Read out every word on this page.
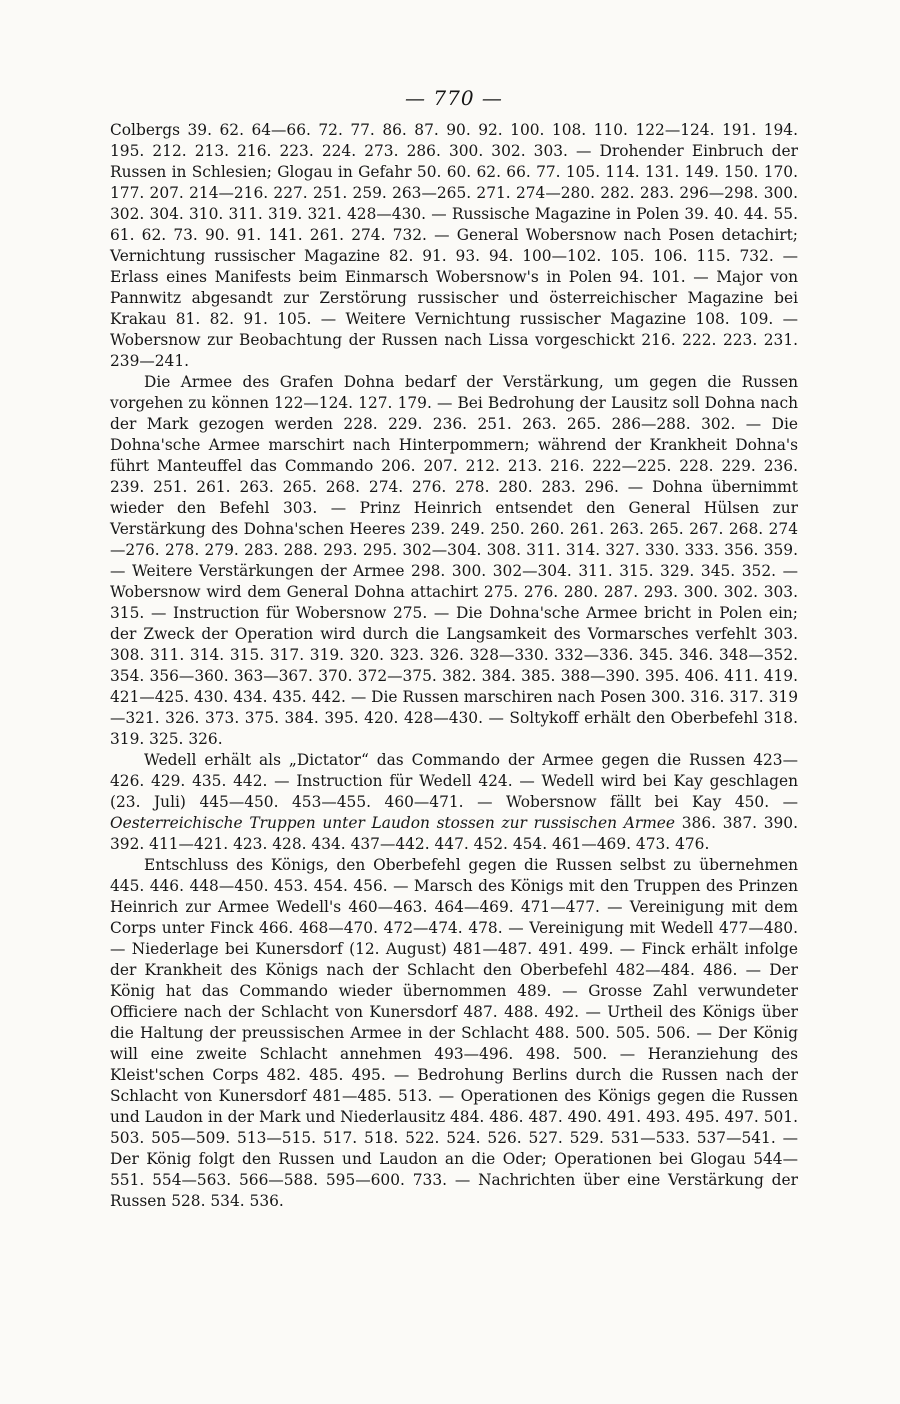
— 770 —

Colbergs 39. 62. 64—66. 72. 77. 86. 87. 90. 92. 100. 108. 110. 122—124. 191. 194. 195. 212. 213. 216. 223. 224. 273. 286. 300. 302. 303. — Drohender Einbruch der Russen in Schlesien; Glogau in Gefahr 50. 60. 62. 66. 77. 105. 114. 131. 149. 150. 170. 177. 207. 214—216. 227. 251. 259. 263—265. 271. 274—280. 282. 283. 296—298. 300. 302. 304. 310. 311. 319. 321. 428—430. — Russische Magazine in Polen 39. 40. 44. 55. 61. 62. 73. 90. 91. 141. 261. 274. 732. — General Wobersnow nach Posen detachirt; Vernichtung russischer Magazine 82. 91. 93. 94. 100—102. 105. 106. 115. 732. — Erlass eines Manifests beim Einmarsch Wobersnow's in Polen 94. 101. — Major von Pannwitz abgesandt zur Zerstörung russischer und österreichischer Magazine bei Krakau 81. 82. 91. 105. — Weitere Vernichtung russischer Magazine 108. 109. — Wobersnow zur Beobachtung der Russen nach Lissa vorgeschickt 216. 222. 223. 231. 239—241.

Die Armee des Grafen Dohna bedarf der Verstärkung, um gegen die Russen vorgehen zu können 122—124. 127. 179. — Bei Bedrohung der Lausitz soll Dohna nach der Mark gezogen werden 228. 229. 236. 251. 263. 265. 286—288. 302. — Die Dohna'sche Armee marschirt nach Hinterpommern; während der Krankheit Dohna's führt Manteuffel das Commando 206. 207. 212. 213. 216. 222—225. 228. 229. 236. 239. 251. 261. 263. 265. 268. 274. 276. 278. 280. 283. 296. — Dohna übernimmt wieder den Befehl 303. — Prinz Heinrich entsendet den General Hülsen zur Verstärkung des Dohna'schen Heeres 239. 249. 250. 260. 261. 263. 265. 267. 268. 274—276. 278. 279. 283. 288. 293. 295. 302—304. 308. 311. 314. 327. 330. 333. 356. 359. — Weitere Verstärkungen der Armee 298. 300. 302—304. 311. 315. 329. 345. 352. — Wobersnow wird dem General Dohna attachirt 275. 276. 280. 287. 293. 300. 302. 303. 315. — Instruction für Wobersnow 275. — Die Dohna'sche Armee bricht in Polen ein; der Zweck der Operation wird durch die Langsamkeit des Vormarsches verfehlt 303. 308. 311. 314. 315. 317. 319. 320. 323. 326. 328—330. 332—336. 345. 346. 348—352. 354. 356—360. 363—367. 370. 372—375. 382. 384. 385. 388—390. 395. 406. 411. 419. 421—425. 430. 434. 435. 442. — Die Russen marschiren nach Posen 300. 316. 317. 319—321. 326. 373. 375. 384. 395. 420. 428—430. — Soltykoff erhält den Oberbefehl 318. 319. 325. 326.

Wedell erhält als „Dictator“ das Commando der Armee gegen die Russen 423—426. 429. 435. 442. — Instruction für Wedell 424. — Wedell wird bei Kay geschlagen (23. Juli) 445—450. 453—455. 460—471. — Wobersnow fällt bei Kay 450. — Oesterreichische Truppen unter Laudon stossen zur russischen Armee 386. 387. 390. 392. 411—421. 423. 428. 434. 437—442. 447. 452. 454. 461—469. 473. 476.

Entschluss des Königs, den Oberbefehl gegen die Russen selbst zu übernehmen 445. 446. 448—450. 453. 454. 456. — Marsch des Königs mit den Truppen des Prinzen Heinrich zur Armee Wedell's 460—463. 464—469. 471—477. — Vereinigung mit dem Corps unter Finck 466. 468—470. 472—474. 478. — Vereinigung mit Wedell 477—480. — Niederlage bei Kunersdorf (12. August) 481—487. 491. 499. — Finck erhält infolge der Krankheit des Königs nach der Schlacht den Oberbefehl 482—484. 486. — Der König hat das Commando wieder übernommen 489. — Grosse Zahl verwundeter Officiere nach der Schlacht von Kunersdorf 487. 488. 492. — Urtheil des Königs über die Haltung der preussischen Armee in der Schlacht 488. 500. 505. 506. — Der König will eine zweite Schlacht annehmen 493—496. 498. 500. — Heranziehung des Kleist'schen Corps 482. 485. 495. — Bedrohung Berlins durch die Russen nach der Schlacht von Kunersdorf 481—485. 513. — Operationen des Königs gegen die Russen und Laudon in der Mark und Niederlausitz 484. 486. 487. 490. 491. 493. 495. 497. 501. 503. 505—509. 513—515. 517. 518. 522. 524. 526. 527. 529. 531—533. 537—541. — Der König folgt den Russen und Laudon an die Oder; Operationen bei Glogau 544—551. 554—563. 566—588. 595—600. 733. — Nachrichten über eine Verstärkung der Russen 528. 534. 536.
